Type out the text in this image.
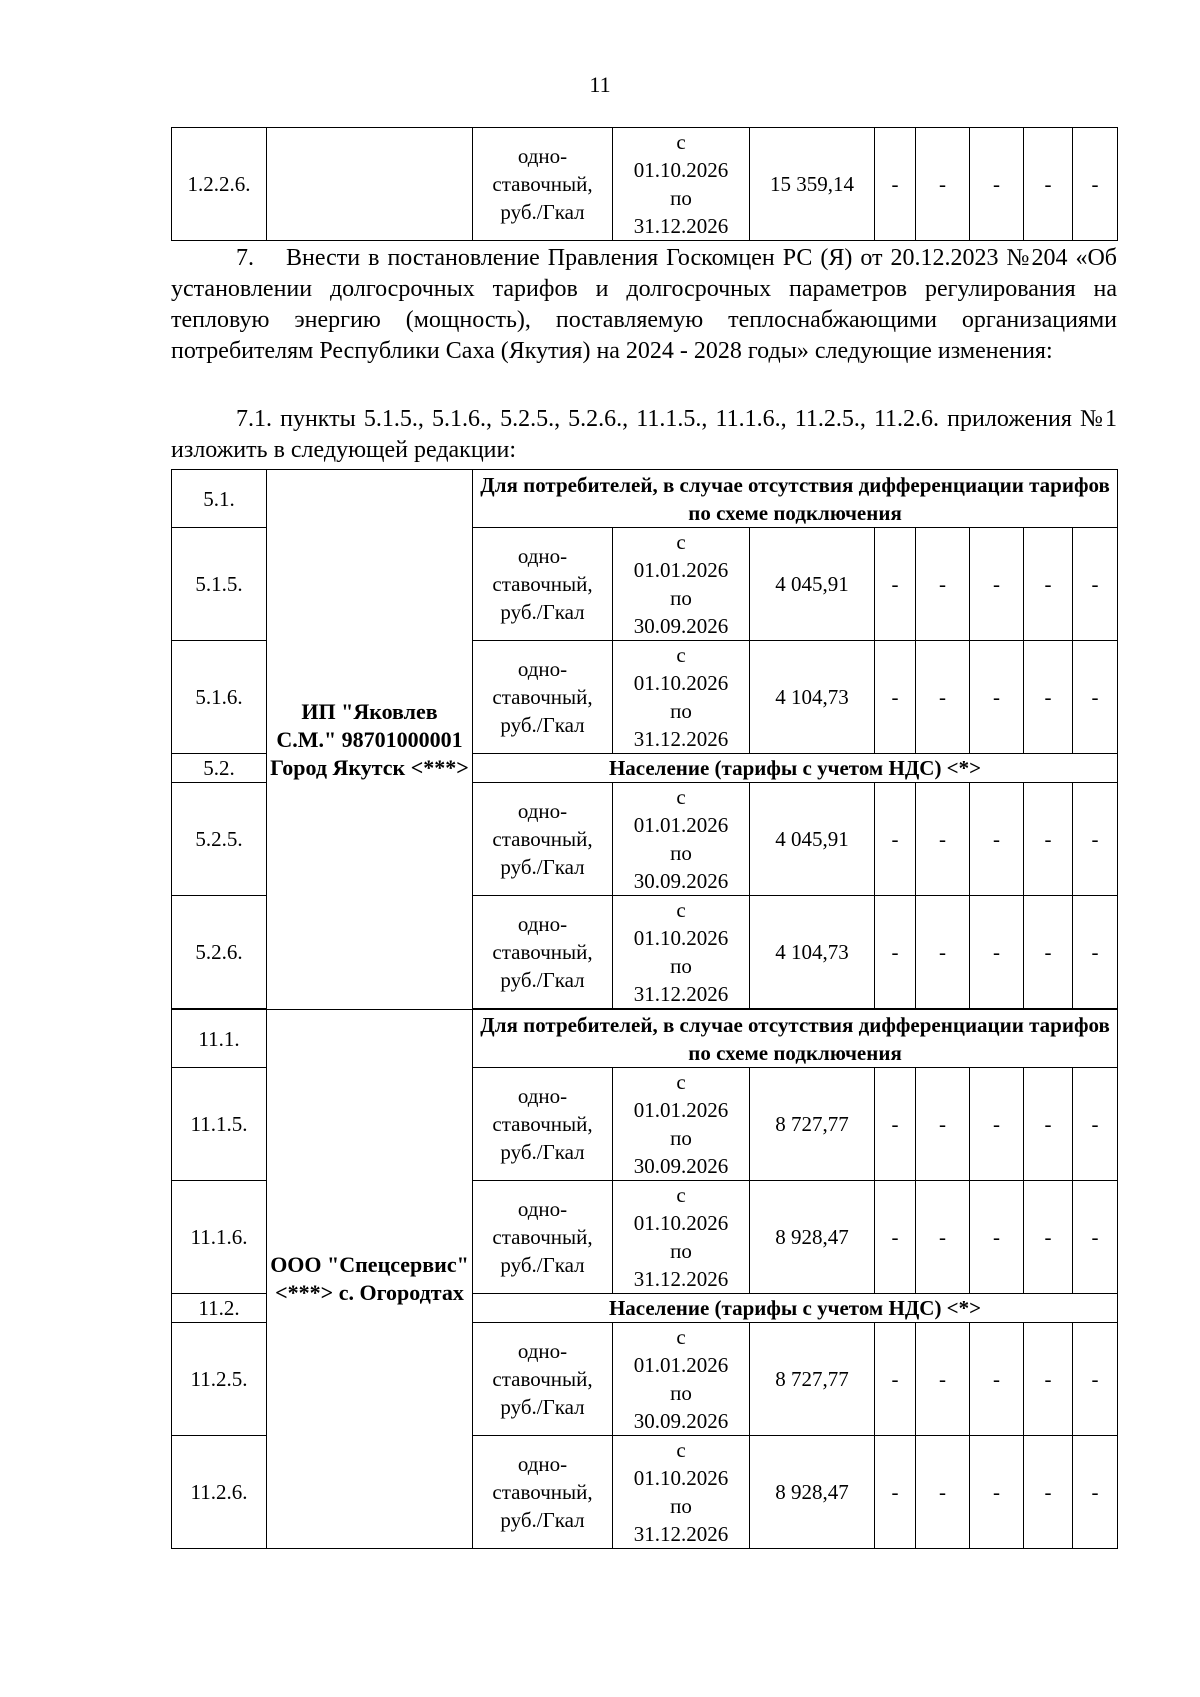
11
1.2.2.6.		одно-
ставочный,
руб./Гкал	с
01.10.2026
по
31.12.2026	15 359,14	-	-	-	-	-

7.    Внести в постановление Правления Госкомцен РС (Я) от 20.12.2023 №204 «Об установлении долгосрочных тарифов и долгосрочных параметров регулирования на тепловую энергию (мощность), поставляемую теплоснабжающими организациями потребителям Республики Саха (Якутия) на 2024 - 2028 годы» следующие изменения:

7.1. пункты 5.1.5., 5.1.6., 5.2.5., 5.2.6., 11.1.5., 11.1.6., 11.2.5., 11.2.6. приложения №1 изложить в следующей редакции:

5.1.	ИП "Яковлев С.М." 98701000001 Город Якутск <***>	Для потребителей, в случае отсутствия дифференциации тарифов по схеме подключения							
5.1.5.		одно-
ставочный,
руб./Гкал	с
01.01.2026
по
30.09.2026	4 045,91	-	-	-	-	-
5.1.6.		одно-
ставочный,
руб./Гкал	с
01.10.2026
по
31.12.2026	4 104,73	-	-	-	-	-
5.2.		Население (тарифы с учетом НДС) <*>							
5.2.5.		одно-
ставочный,
руб./Гкал	с
01.01.2026
по
30.09.2026	4 045,91	-	-	-	-	-
5.2.6.		одно-
ставочный,
руб./Гкал	с
01.10.2026
по
31.12.2026	4 104,73	-	-	-	-	-

11.1.	ООО "Спецсервис" <***> с. Огородтах	Для потребителей, в случае отсутствия дифференциации тарифов по схеме подключения							
11.1.5.		одно-
ставочный,
руб./Гкал	с
01.01.2026
по
30.09.2026	8 727,77	-	-	-	-	-
11.1.6.		одно-
ставочный,
руб./Гкал	с
01.10.2026
по
31.12.2026	8 928,47	-	-	-	-	-
11.2.		Население (тарифы с учетом НДС) <*>							
11.2.5.		одно-
ставочный,
руб./Гкал	с
01.01.2026
по
30.09.2026	8 727,77	-	-	-	-	-
11.2.6.		одно-
ставочный,
руб./Гкал	с
01.10.2026
по
31.12.2026	8 928,47	-	-	-	-	-
